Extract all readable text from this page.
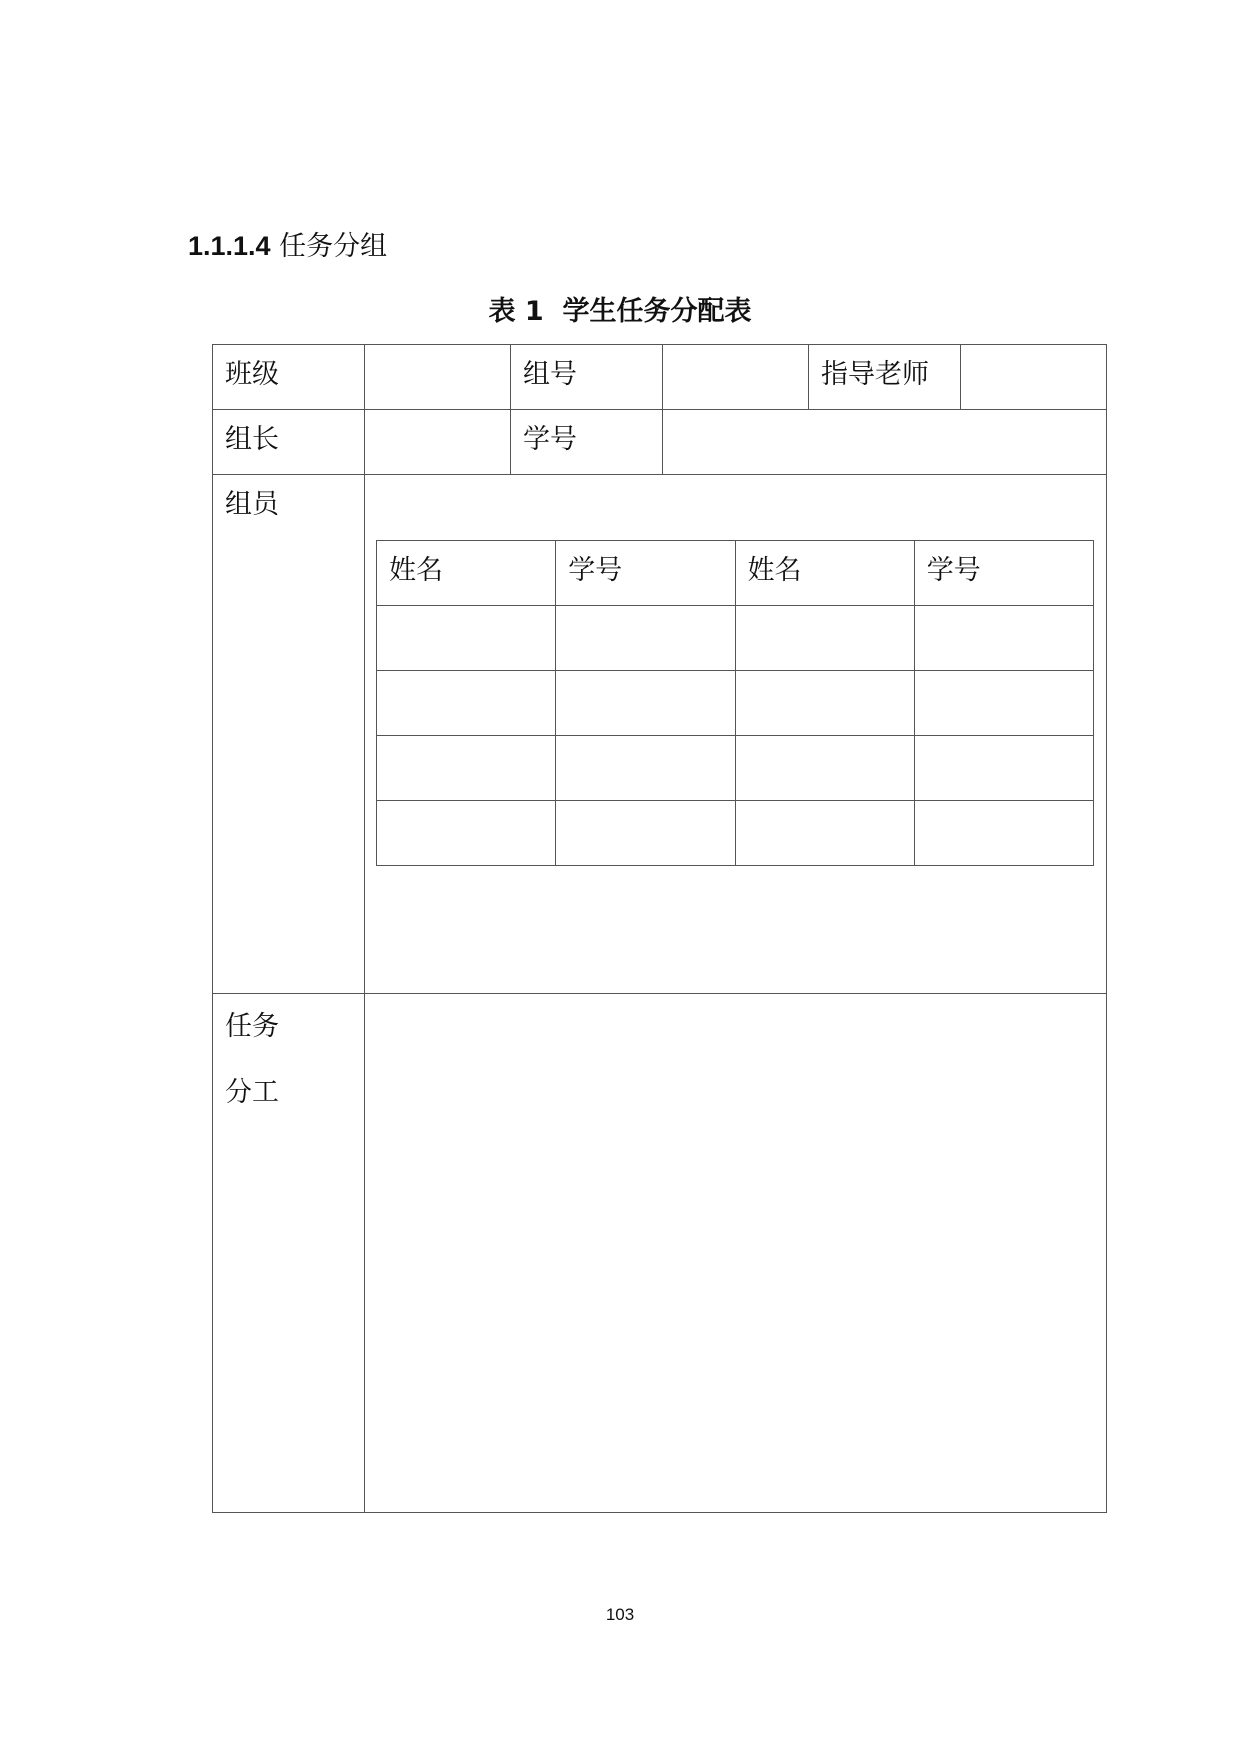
1.1.1.4 任务分组
表 1  学生任务分配表
班级		组号		指导老师

组长		学号

组员

姓名	学号	姓名	学号

任务
分工

103
